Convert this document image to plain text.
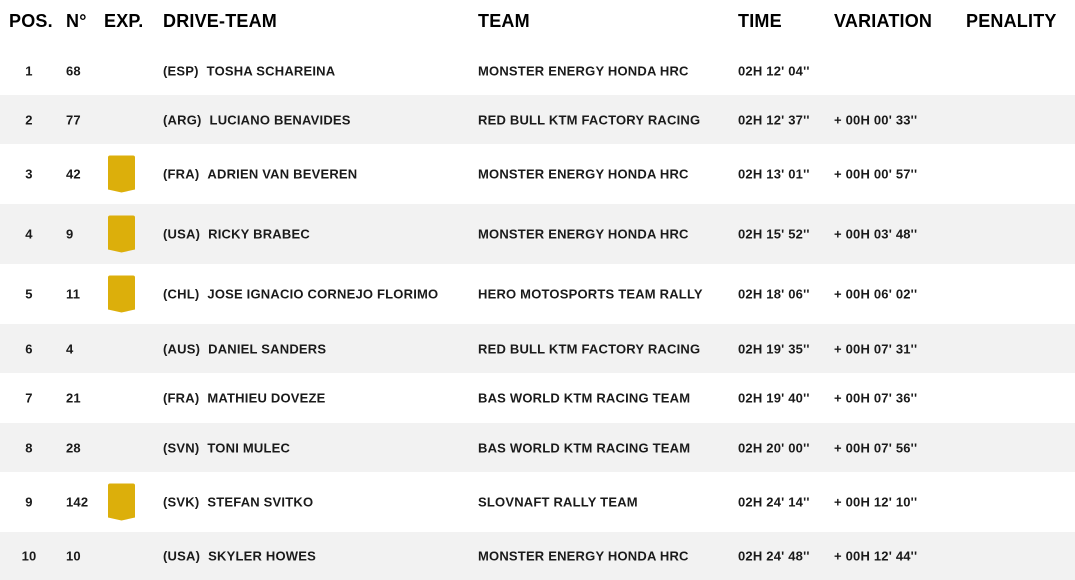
POS. N° EXP. DRIVE-TEAM	TEAM	TIME	VARIATION PENALITY
1	68	(ESP) TOSHA SCHAREINA	MONSTER ENERGY HONDA HRC	02H 12' 04''
2	77	(ARG) LUCIANO BENAVIDES	RED BULL KTM FACTORY RACING	02H 12' 37'' + 00H 00' 33''
3	42	(FRA) ADRIEN VAN BEVEREN	MONSTER ENERGY HONDA HRC	02H 13' 01'' + 00H 00' 57''
4	9	(USA) RICKY BRABEC	MONSTER ENERGY HONDA HRC	02H 15' 52'' + 00H 03' 48''
5	11	(CHL) JOSE IGNACIO CORNEJO FLORIMO	HERO MOTOSPORTS TEAM RALLY	02H 18' 06'' + 00H 06' 02''
6	4	(AUS) DANIEL SANDERS	RED BULL KTM FACTORY RACING	02H 19' 35'' + 00H 07' 31''
7	21	(FRA) MATHIEU DOVEZE	BAS WORLD KTM RACING TEAM	02H 19' 40'' + 00H 07' 36''
8	28	(SVN) TONI MULEC	BAS WORLD KTM RACING TEAM	02H 20' 00'' + 00H 07' 56''
9	142	(SVK) STEFAN SVITKO	SLOVNAFT RALLY TEAM	02H 24' 14'' + 00H 12' 10''
10	10	(USA) SKYLER HOWES	MONSTER ENERGY HONDA HRC	02H 24' 48'' + 00H 12' 44''
